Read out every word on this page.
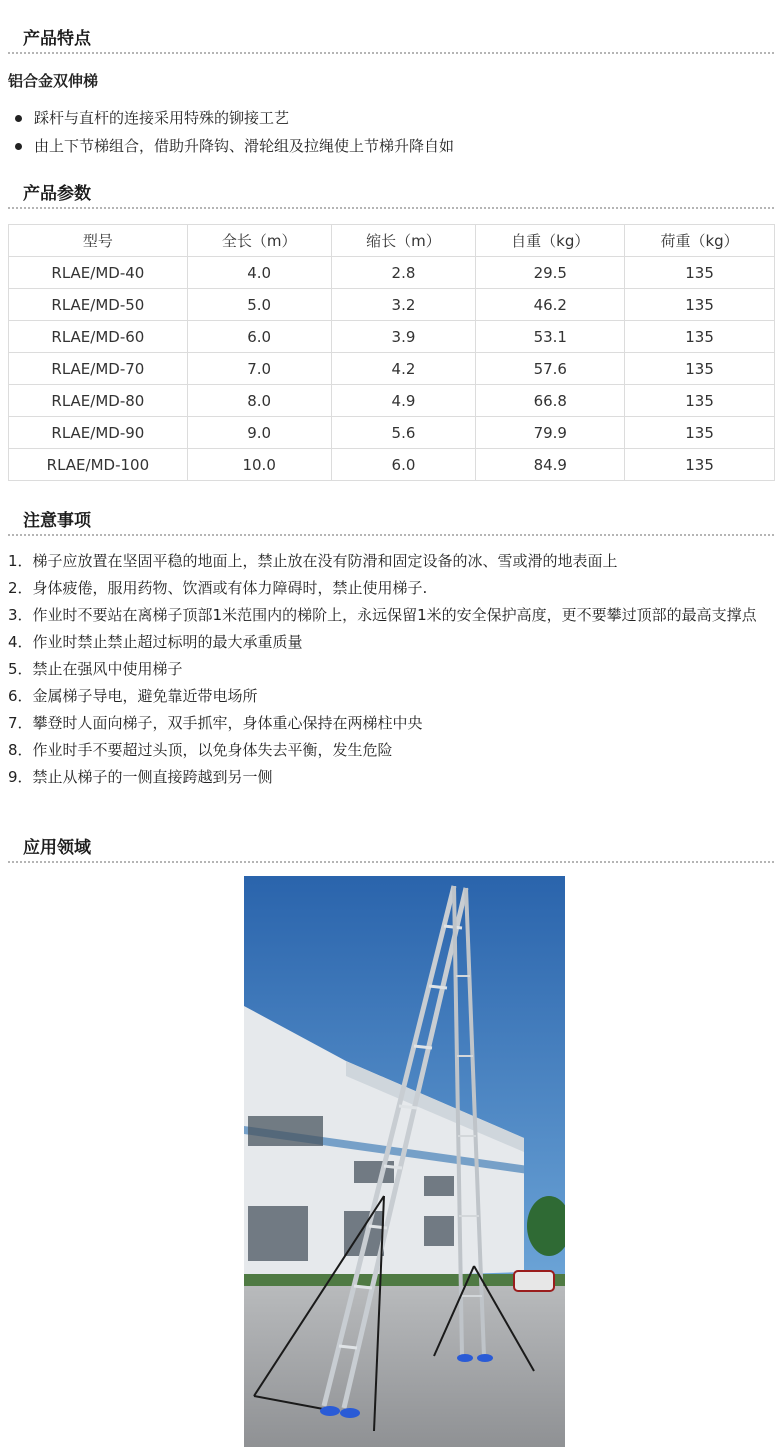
产品特点
铝合金双伸梯
踩杆与直杆的连接采用特殊的铆接工艺
由上下节梯组合，借助升降钩、滑轮组及拉绳使上节梯升降自如
产品参数
型号	全长（m）	缩长（m）	自重（kg）	荷重（kg）
RLAE/MD-40	4.0	2.8	29.5	135
RLAE/MD-50	5.0	3.2	46.2	135
RLAE/MD-60	6.0	3.9	53.1	135
RLAE/MD-70	7.0	4.2	57.6	135
RLAE/MD-80	8.0	4.9	66.8	135
RLAE/MD-90	9.0	5.6	79.9	135
RLAE/MD-100	10.0	6.0	84.9	135
注意事项
1．梯子应放置在坚固平稳的地面上，禁止放在没有防滑和固定设备的冰、雪或滑的地表面上
2．身体疲倦，服用药物、饮酒或有体力障碍时，禁止使用梯子.
3．作业时不要站在离梯子顶部1米范围内的梯阶上，永远保留1米的安全保护高度，更不要攀过顶部的最高支撑点
4．作业时禁止禁止超过标明的最大承重质量
5．禁止在强风中使用梯子
6．金属梯子导电，避免靠近带电场所
7．攀登时人面向梯子，双手抓牢，身体重心保持在两梯柱中央
8．作业时手不要超过头顶，以免身体失去平衡，发生危险
9．禁止从梯子的一侧直接跨越到另一侧
应用领域
